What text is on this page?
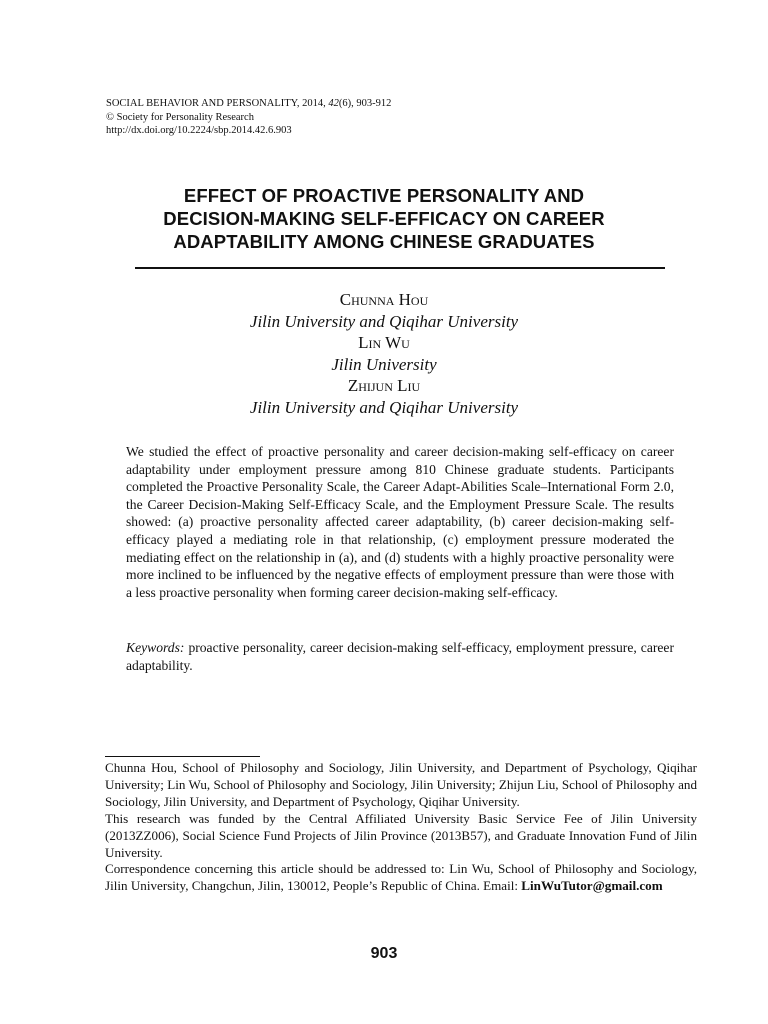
SOCIAL BEHAVIOR AND PERSONALITY, 2014, 42(6), 903-912
© Society for Personality Research
http://dx.doi.org/10.2224/sbp.2014.42.6.903
EFFECT OF PROACTIVE PERSONALITY AND
DECISION-MAKING SELF-EFFICACY ON CAREER
ADAPTABILITY AMONG CHINESE GRADUATES
Chunna Hou
Jilin University and Qiqihar University
Lin Wu
Jilin University
Zhijun Liu
Jilin University and Qiqihar University
We studied the effect of proactive personality and career decision-making self-efficacy on career adaptability under employment pressure among 810 Chinese graduate students. Participants completed the Proactive Personality Scale, the Career Adapt-Abilities Scale–International Form 2.0, the Career Decision-Making Self-Efficacy Scale, and the Employment Pressure Scale. The results showed: (a) proactive personality affected career adaptability, (b) career decision-making self-efficacy played a mediating role in that relationship, (c) employment pressure moderated the mediating effect on the relationship in (a), and (d) students with a highly proactive personality were more inclined to be influenced by the negative effects of employment pressure than were those with a less proactive personality when forming career decision-making self-efficacy.
Keywords: proactive personality, career decision-making self-efficacy, employment pressure, career adaptability.

Chunna Hou, School of Philosophy and Sociology, Jilin University, and Department of Psychology, Qiqihar University; Lin Wu, School of Philosophy and Sociology, Jilin University; Zhijun Liu, School of Philosophy and Sociology, Jilin University, and Department of Psychology, Qiqihar University.

This research was funded by the Central Affiliated University Basic Service Fee of Jilin University (2013ZZ006), Social Science Fund Projects of Jilin Province (2013B57), and Graduate Innovation Fund of Jilin University.

Correspondence concerning this article should be addressed to: Lin Wu, School of Philosophy and Sociology, Jilin University, Changchun, Jilin, 130012, People’s Republic of China. Email: LinWuTutor@gmail.com

903
